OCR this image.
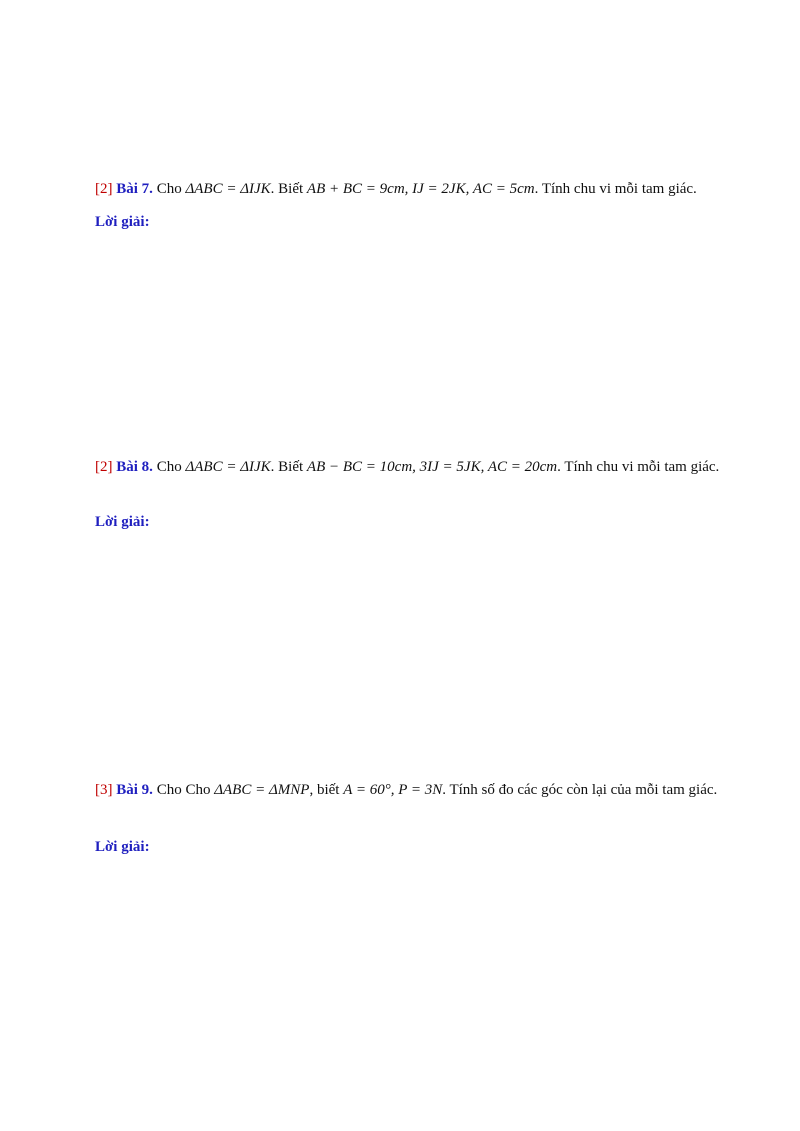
[2] Bài 7. Cho ΔABC = ΔIJK. Biết AB + BC = 9cm, IJ = 2JK, AC = 5cm. Tính chu vi mỗi tam giác.
Lời giải:
[2] Bài 8. Cho ΔABC = ΔIJK. Biết AB − BC = 10cm, 3IJ = 5JK, AC = 20cm. Tính chu vi mỗi tam giác.
Lời giải:
[3] Bài 9. Cho Cho ΔABC = ΔMNP, biết A = 60°, P = 3N. Tính số đo các góc còn lại của mỗi tam giác.
Lời giải:
